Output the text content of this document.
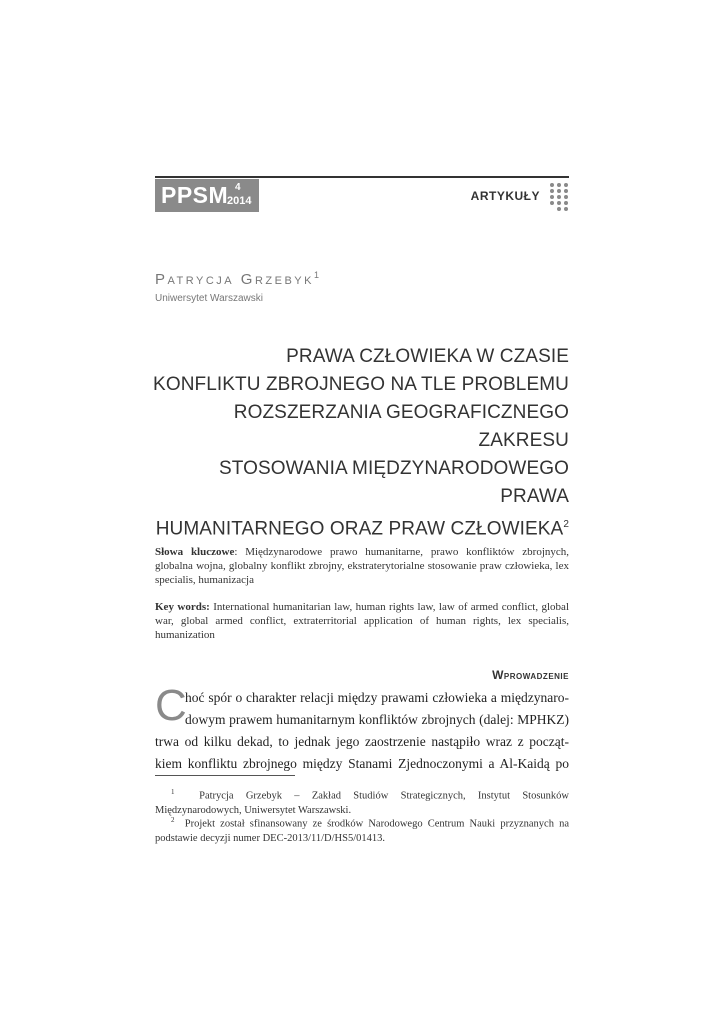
PPSM 4
2014	ARTYKUŁY
Patrycja Grzebyk$^1$
Uniwersytet Warszawski
PRAWA CZŁOWIEKA W CZASIE
KONFLIKTU ZBROJNEGO NA TLE PROBLEMU
ROZSZERZANIA GEOGRAFICZNEGO ZAKRESU
STOSOWANIA MIĘDZYNARODOWEGO PRAWA
HUMANITARNEGO ORAZ PRAW CZŁOWIEKA$^2$
Słowa kluczowe: Międzynarodowe prawo humanitarne, prawo konfliktów zbrojnych, globalna wojna, globalny konflikt zbrojny, ekstraterytorialne stosowanie praw człowieka, lex specialis, humanizacja
Key words: International humanitarian law, human rights law, law of armed conflict, global war, global armed conflict, extraterritorial application of human rights, lex specialis, humanization
Wprowadzenie
C
hoć spór o charakter relacji między prawami człowieka a międzynaro-
dowym prawem humanitarnym konfliktów zbrojnych (dalej: MPHKZ)
trwa od kilku dekad, to jednak jego zaostrzenie nastąpiło wraz z począt-
kiem konfliktu zbrojnego między Stanami Zjednoczonymi a Al-Kaidą po
$^1$ Patrycja Grzebyk – Zakład Studiów Strategicznych, Instytut Stosunków Międzynarodowych, Uniwersytet Warszawski.
$^2$ Projekt został sfinansowany ze środków Narodowego Centrum Nauki przyznanych na podstawie decyzji numer DEC-2013/11/D/HS5/01413.
